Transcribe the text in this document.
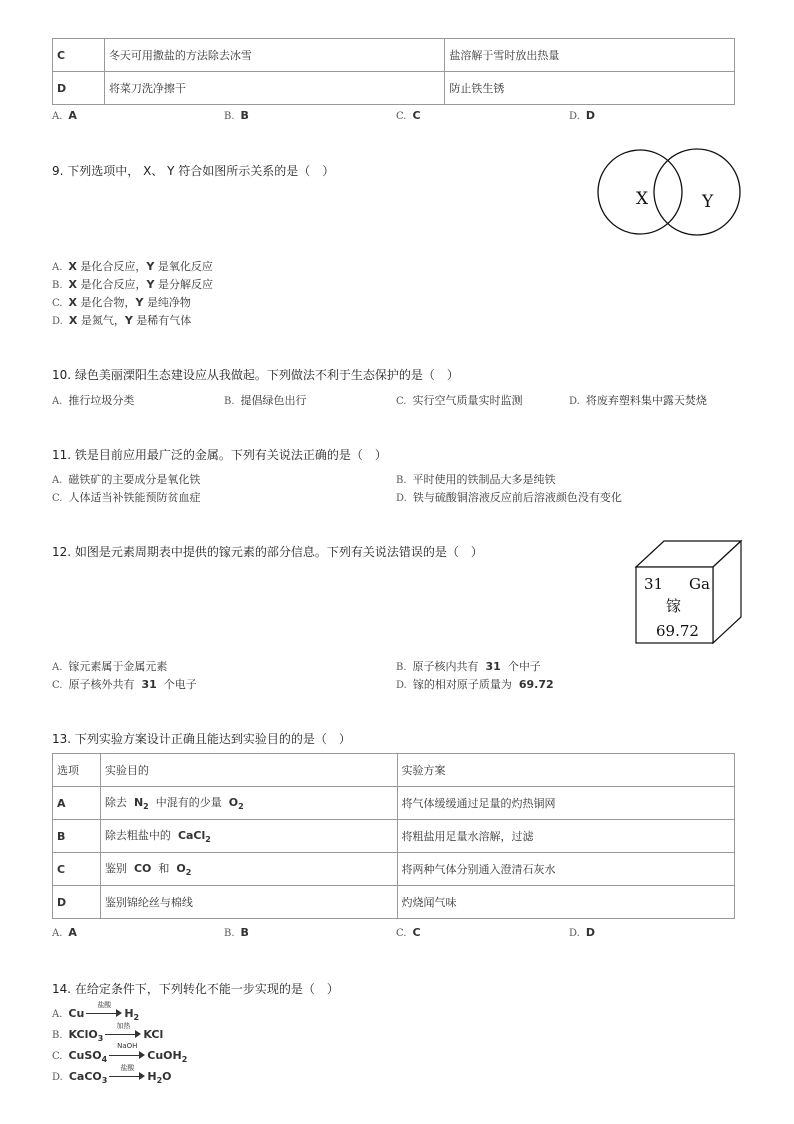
C	冬天可用撒盐的方法除去冰雪	盐溶解于雪时放出热量
D	将菜刀洗净擦干	防止铁生锈
A. A	B. B	C. C	D. D
9. 下列选项中， X、 Y 符合如图所示关系的是（　）
X	Y
A. X 是化合反应，Y 是氧化反应
B. X 是化合反应，Y 是分解反应
C. X 是化合物，Y 是纯净物
D. X 是氮气，Y 是稀有气体
10. 绿色美丽溧阳生态建设应从我做起。下列做法不利于生态保护的是（　）
A. 推行垃圾分类	B. 提倡绿色出行	C. 实行空气质量实时监测	D. 将废弃塑料集中露天焚烧
11. 铁是目前应用最广泛的金属。下列有关说法正确的是（　）
A. 磁铁矿的主要成分是氧化铁	B. 平时使用的铁制品大多是纯铁
C. 人体适当补铁能预防贫血症	D. 铁与硫酸铜溶液反应前后溶液颜色没有变化
12. 如图是元素周期表中提供的镓元素的部分信息。下列有关说法错误的是（　）
31 Ga
镓
69.72
A. 镓元素属于金属元素	B. 原子核内共有 31 个中子
C. 原子核外共有 31 个电子	D. 镓的相对原子质量为 69.72
13. 下列实验方案设计正确且能达到实验目的的是（　）
选项	实验目的	实验方案
A	除去 $N_2$ 中混有的少量 $O_2$	将气体缓缓通过足量的灼热铜网
B	除去粗盐中的 CaCl$_2$	将粗盐用足量水溶解，过滤
C	鉴别 CO 和 $O_2$	将两种气体分别通入澄清石灰水
D	鉴别锦纶丝与棉线	灼烧闻气味
A. A	B. B	C. C	D. D
14. 在给定条件下，下列转化不能一步实现的是（　）
A. Cu
盐酸
$H_2$
B. KClO$_3$
加热
KCl
C. CuSO$_4$
NaOH
CuOH$_2$
D. CaCO$_3$
盐酸
$H_2O$
